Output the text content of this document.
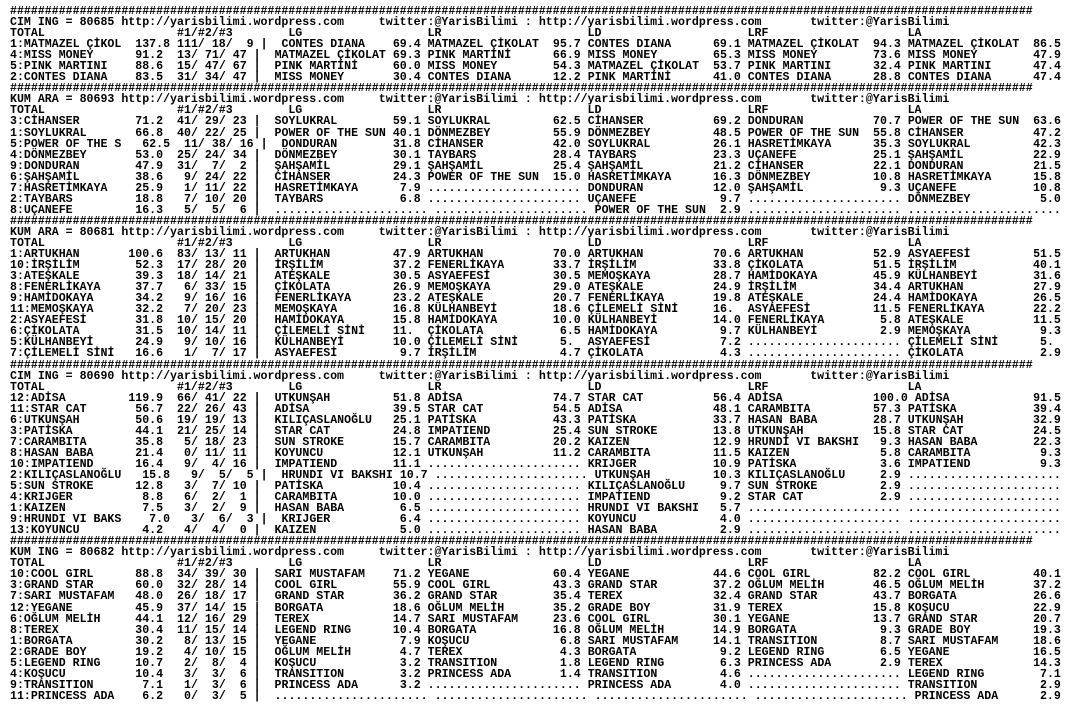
###################################################################################################################################################
CIM ING = 80685 http://yarisbilimi.wordpress.com	twitter:@YarisBilimi : http://yarisbilimi.wordpress.com	twitter:@YarisBilimi
TOTAL	#1/#2/#3	LG	LR	LD	LRF	LA
1:MATMAZEL ÇİKOL 137.8 111/ 18/ 9 | CONTES DIANA 69.4 MATMAZEL ÇİKOLAT 95.7 CONTES DIANA	69.1 MATMAZEL ÇİKOLAT 94.3 MATMAZEL ÇİKOLAT 86.5
4:MISS MONEY	91.2 13/ 71/ 47 | MATMAZEL ÇİKOLAT 69.3 PINK MARTİNİ	66.9 MISS MONEY	65.3 MISS MONEY	73.6 MISS MONEY	47.9
5:PINK MARTINI 88.6 15/ 47/ 67 | PINK MARTİNİ	60.0 MISS MONEY	54.3 MATMAZEL ÇİKOLAT 53.7 PINK MARTINI	32.4 PINK MARTINI	47.4
2:CONTES DIANA 83.5 31/ 34/ 47 | MISS MONEY	30.4 CONTES DIANA	12.2 PINK MARTİNİ	41.0 CONTES DIANA	28.8 CONTES DIANA	47.4
###################################################################################################################################################
KUM ARA = 80693 http://yarisbilimi.wordpress.com	twitter:@YarisBilimi : http://yarisbilimi.wordpress.com	twitter:@YarisBilimi
TOTAL	#1/#2/#3	LG	LR	LD	LRF	LA
3:CİHANSER	71.2 41/ 29/ 23 | SOYLUKRAL	59.1 SOYLUKRAL	62.5 CİHANSER	69.2 DONDURAN	70.7 POWER OF THE SUN 63.6
1:SOYLUKRAL	66.8 40/ 22/ 25 | POWER OF THE SUN 40.1 DÖNMEZBEY	55.9 DÖNMEZBEY	48.5 POWER OF THE SUN 55.8 CİHANSER	47.2
5:POWER OF THE S 62.5 11/ 38/ 16 | DONDURAN	31.8 CİHANSER	42.0 SOYLUKRAL	26.1 HASRETİMKAYA	35.3 SOYLUKRAL	42.3
4:DÖNMEZBEY	53.0 25/ 24/ 34 | DÖNMEZBEY	30.1 TAYBARS	28.4 TAYBARS	23.3 UÇANEFE	25.1 ŞAHŞAMİL	22.9
9:DONDURAN	47.9 31/ 7/ 2 | ŞAHŞAMİL	29.1 ŞAHŞAMİL	25.4 ŞAHŞAMİL	21.2 CİHANSER	22.1 DONDURAN	21.5
6:ŞAHŞAMİL	38.6 9/ 24/ 22 | CİHANSER	24.3 POWER OF THE SUN 15.0 HASRETİMKAYA	16.3 DÖNMEZBEY	10.8 HASRETİMKAYA	15.8
7:HASRETİMKAYA 25.9 1/ 11/ 22 | HASRETİMKAYA	7.9 ...................... DONDURAN	12.0 ŞAHŞAMİL	9.3 UÇANEFE	10.8
2:TAYBARS	18.8 7/ 10/ 20 | TAYBARS	6.8 ...................... UÇANEFE	9.7 ...................... DÖNMEZBEY	5.0
8:UÇANEFE	16.3 5/ 5/ 6 | ...................... ...................... POWER OF THE SUN 2.9 ...................... ......................
###################################################################################################################################################
KUM ARA = 80681 http://yarisbilimi.wordpress.com	twitter:@YarisBilimi : http://yarisbilimi.wordpress.com	twitter:@YarisBilimi
TOTAL	#1/#2/#3	LG	LR	LD	LRF	LA
1:ARTUKHAN	100.6 83/ 13/ 11 | ARTUKHAN	47.9 ARTUKHAN	70.0 ARTUKHAN	70.6 ARTUKHAN	52.9 ASYAEFESİ	51.5
10:İRŞİLİM	52.3 17/ 28/ 20 | İRŞİLİM	37.2 FENERLİKAYA	33.7 İRŞİLİM	33.8 ÇİKOLATA	51.5 İRŞİLİM	40.1
3:ATEŞKALE	39.3 18/ 14/ 21 | ATEŞKALE	30.5 ASYAEFESİ	30.5 MEMOŞKAYA	28.7 HAMİDOKAYA	45.9 KÜLHANBEYİ	31.6
8:FENERLİKAYA	37.7 6/ 33/ 15 | ÇİKOLATA	26.9 MEMOŞKAYA	29.0 ATEŞKALE	24.9 İRŞİLİM	34.4 ARTUKHAN	27.9
9:HAMİDOKAYA	34.2 9/ 16/ 16 | FENERLİKAYA	23.2 ATEŞKALE	20.7 FENERLİKAYA	19.8 ATEŞKALE	24.4 HAMİDOKAYA	26.5
11:MEMOŞKAYA	32.2 7/ 20/ 23 | MEMOŞKAYA	16.8 KÜLHANBEYİ	18.6 ÇİLEMELİ SİNİ	16. ASYAEFESİ	11.5 FENERLİKAYA	22.2
2:ASYAEFESİ	31.8 10/ 15/ 20 | HAMİDOKAYA	15.8 HAMİDOKAYA	10.0 KÜLHANBEYİ	14.0 FENERLİKAYA	5.8 ATEŞKALE	11.5
6:ÇİKOLATA	31.5 10/ 14/ 11 | ÇİLEMELİ SİNİ 11. ÇİKOLATA	6.5 HAMİDOKAYA	9.7 KÜLHANBEYİ	2.9 MEMOŞKAYA	9.3
5:KÜLHANBEYİ	24.9 9/ 10/ 16 | KÜLHANBEYİ	10.0 ÇİLEMELİ SİNİ	5. ASYAEFESİ	7.2 ...................... ÇİLEMELİ SİNİ	5.
7:ÇİLEMELİ SİNİ 16.6 1/ 7/ 17 | ASYAEFESİ	9.7 İRŞİLİM	4.7 ÇİKOLATA	4.3 ...................... ÇİKOLATA	2.9
###################################################################################################################################################
CIM ING = 80690 http://yarisbilimi.wordpress.com	twitter:@YarisBilimi : http://yarisbilimi.wordpress.com	twitter:@YarisBilimi
TOTAL	#1/#2/#3	LG	LR	LD	LRF	LA
12:ADİSA	119.9 66/ 41/ 22 | UTKUNŞAH	51.8 ADİSA	74.7 STAR CAT	56.4 ADİSA	100.0 ADİSA	91.5
11:STAR CAT	56.7 22/ 26/ 43 | ADİSA	39.5 STAR CAT	54.5 ADİSA	48.1 CARAMBITA	57.3 PATİSKA	39.4
6:UTKUNŞAH	50.6 19/ 19/ 13 | KILIÇASLANOĞLU 25.1 PATİSKA	43.3 PATİSKA	33.7 HASAN BABA	28.7 UTKUNŞAH	32.9
3:PATİSKA	44.1 21/ 25/ 14 | STAR CAT	24.8 IMPATIEND	25.4 SUN STROKE	13.8 UTKUNŞAH	15.8 STAR CAT	24.5
7:CARAMBITA	35.8 5/ 18/ 23 | SUN STROKE	15.7 CARAMBITA	20.2 KAIZEN	12.9 HRUNDİ VI BAKSHI 9.3 HASAN BABA	22.3
8:HASAN BABA	21.4 0/ 11/ 11 | KOYUNCU	12.1 UTKUNŞAH	11.2 CARAMBITA	11.5 KAIZEN	5.8 CARAMBITA	9.3
10:IMPATIEND	16.4 9/ 4/ 16 | IMPATIEND	11.1 ...................... KRIJGER	10.9 PATİSKA	3.6 IMPATIEND	9.3
2:KILIÇASLANOĞLU 15.8 9/ 5/ 5 | HRUNDI VI BAKSHI 10.7 ...................... UTKUNŞAH	10.3 KILIÇASLANOĞLU	2.9 ......................
5:SUN STROKE	12.8 3/ 7/ 10 | PATİSKA	10.4 ...................... KILIÇASLANOĞLU	9.7 SUN STROKE	2.9 ......................
4:KRIJGER	8.8 6/ 2/ 1 | CARAMBITA	10.0 ...................... IMPATIEND	9.2 STAR CAT	2.9 ......................
1:KAIZEN	7.5 3/ 2/ 9 | HASAN BABA	6.5 ...................... HRUNDI VI BAKSHI 5.7 ...................... ......................
9:HRUNDI VI BAKS 7.0 3/ 6/ 3 | KRIJGER	6.4 ...................... KOYUNCU	4.0 ...................... ......................
13:KOYUNCU	4.2 4/ 4/ 0 | KAIZEN	5.0 ...................... HASAN BABA	2.9 ...................... ......................
###################################################################################################################################################
KUM ING = 80682 http://yarisbilimi.wordpress.com	twitter:@YarisBilimi : http://yarisbilimi.wordpress.com	twitter:@YarisBilimi
TOTAL	#1/#2/#3	LG	LR	LD	LRF	LA
10:COOL GIRL	88.8 34/ 39/ 30 | SARI MUSTAFAM 71.2 YEGANE	60.4 YEGANE	44.6 COOL GIRL	82.2 COOL GIRL	40.1
3:GRAND STAR	60.0 32/ 28/ 14 | COOL GIRL	55.9 COOL GIRL	43.3 GRAND STAR	37.2 OĞLUM MELİH	46.5 OĞLUM MELİH	37.2
7:SARI MUSTAFAM 48.0 26/ 18/ 17 | GRAND STAR	36.2 GRAND STAR	35.4 TEREX	32.4 GRAND STAR	43.7 BORGATA	26.6
12:YEGANE	45.9 37/ 14/ 15 | BORGATA	18.6 OĞLUM MELİH	35.2 GRADE BOY	31.9 TEREX	15.8 KOŞUCU	22.9
6:OĞLUM MELİH	44.1 12/ 16/ 29 | TEREX	14.7 SARI MUSTAFAM	23.6 COOL GIRL	30.1 YEGANE	13.7 GRAND STAR	20.7
8:TEREX	30.4 11/ 15/ 14 | LEGEND RING	10.4 BORGATA	16.8 OĞLUM MELİH	14.9 BORGATA	9.3 GRADE BOY	19.3
1:BORGATA	30.2 8/ 13/ 15 | YEGANE	7.9 KOŞUCU	6.8 SARI MUSTAFAM	14.1 TRANSITION	8.7 SARI MUSTAFAM	18.6
2:GRADE BOY	19.2 4/ 10/ 15 | OĞLUM MELİH	4.7 TEREX	4.3 BORGATA	9.2 LEGEND RING	6.5 YEGANE	16.5
5:LEGEND RING	10.7 2/ 8/ 4 | KOŞUCU	3.2 TRANSITION	1.8 LEGEND RING	6.3 PRINCESS ADA	2.9 TEREX	14.3
4:KOŞUCU	10.4 3/ 3/ 6 | TRANSITION	3.2 PRINCESS ADA	1.4 TRANSITION	4.6 ...................... LEGEND RING	7.1
9:TRANSITION	7.1 1/ 3/ 6 | PRINCESS ADA	3.2 ...................... PRINCESS ADA	4.0 ...................... TRANSITION	2.9
11:PRINCESS ADA 6.2 0/ 3/ 5 | ...................... ...................... ...................... ...................... PRINCESS ADA	2.9
